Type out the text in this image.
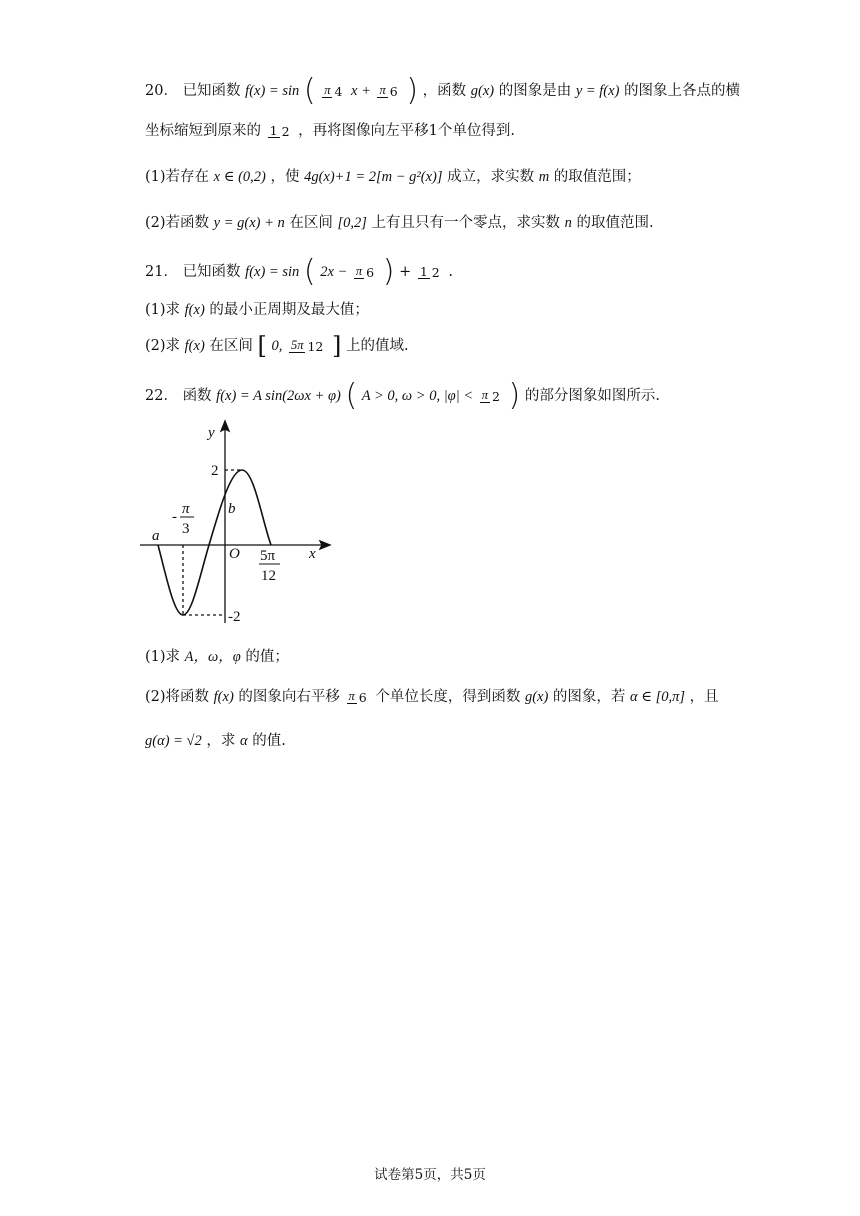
20． 已知函数 f(x) = sin ( π 4 x + π 6 ) ，函数 g(x) 的图象是由 y = f(x) 的图象上各点的横
坐标缩短到原来的 1 2 ，再将图像向左平移1个单位得到.
(1)若存在 x ∈ (0,2) ，使 4g(x)+1 = 2[m − g²(x)] 成立，求实数 m 的取值范围；
(2)若函数 y = g(x) + n 在区间 [0,2] 上有且只有一个零点，求实数 n 的取值范围.
21． 已知函数 f(x) = sin ( 2x − π 6 ) + 1 2 .
(1)求 f(x) 的最小正周期及最大值；
(2)求 f(x) 在区间 [ 0, 5π 12 ] 上的值域.
22． 函数 f(x) = A sin(2ωx + φ) ( A > 0, ω > 0, |φ| < π 2 ) 的部分图象如图所示.
y
x
O
2
-2
a
b
- π
3
5π
12
(1)求 A，ω，φ 的值；
(2)将函数 f(x) 的图象向右平移 π 6 个单位长度，得到函数 g(x) 的图象，若 α ∈ [0,π] ，且
g(α) = √2 ，求 α 的值.
试卷第5页，共5页
